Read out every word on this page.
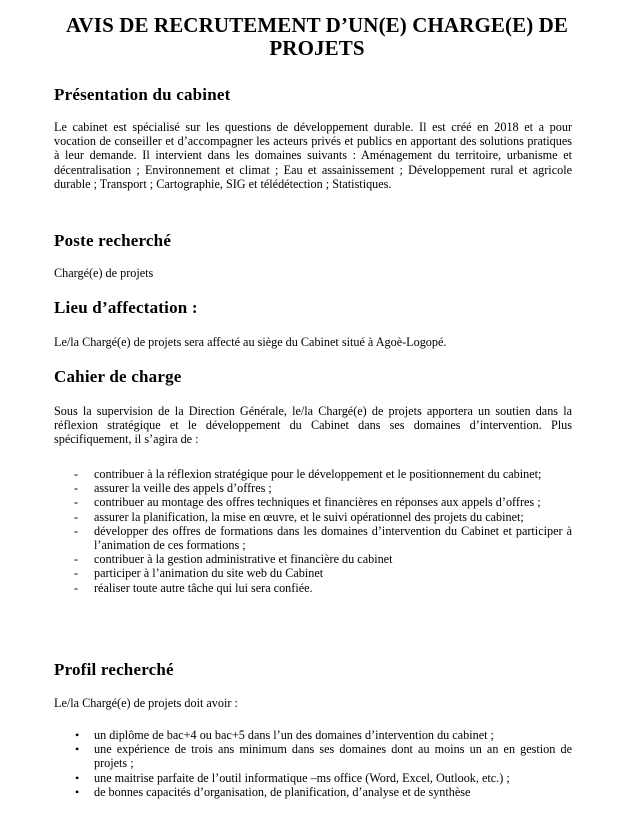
AVIS DE RECRUTEMENT D’UN(E) CHARGE(E) DE PROJETS
Présentation du cabinet

Le cabinet est spécialisé sur les questions de développement durable. Il est créé en 2018 et a pour vocation de conseiller et d’accompagner les acteurs privés et publics en apportant des solutions pratiques à leur demande. Il intervient dans les domaines suivants : Aménagement du territoire, urbanisme et décentralisation ; Environnement et climat ; Eau et assainissement ; Développement rural et agricole durable ; Transport ; Cartographie, SIG et télédétection ; Statistiques.

Poste recherché

Chargé(e) de projets

Lieu d’affectation :

Le/la Chargé(e) de projets sera affecté au siège du Cabinet situé à Agoè-Logopé.

Cahier de charge

Sous la supervision de la Direction Générale, le/la Chargé(e) de projets apportera un soutien dans la réflexion stratégique et le développement du Cabinet dans ses domaines d’intervention. Plus spécifiquement, il s’agira de :

- contribuer à la réflexion stratégique pour le développement et le positionnement du cabinet;
- assurer la veille des appels d’offres ;
- contribuer au montage des offres techniques et financières en réponses aux appels d’offres ;
- assurer la planification, la mise en œuvre, et le suivi opérationnel des projets du cabinet;
- développer des offres de formations dans les domaines d’intervention du Cabinet et participer à l’animation de ces formations ;
- contribuer à la gestion administrative et financière du cabinet
- participer à l’animation du site web du Cabinet
- réaliser toute autre tâche qui lui sera confiée.
Profil recherché

Le/la Chargé(e) de projets doit avoir :

• un diplôme de bac+4 ou bac+5 dans l’un des domaines d’intervention du cabinet ;
• une expérience de trois ans minimum dans ses domaines dont au moins un an en gestion de projets ;
• une maitrise parfaite de l’outil informatique –ms office (Word, Excel, Outlook, etc.) ;
• de bonnes capacités d’organisation, de planification, d’analyse et de synthèse
